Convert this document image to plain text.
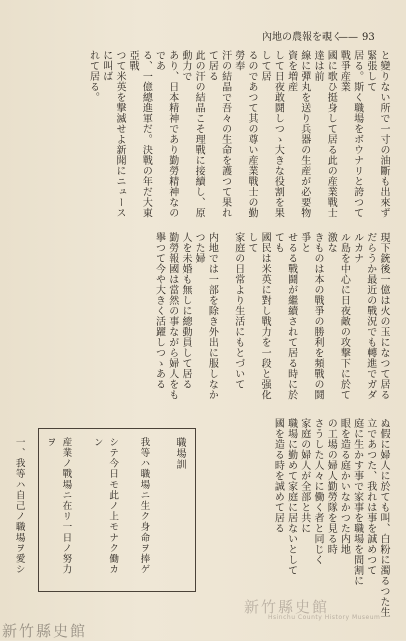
內地の農報を覗く
—— 93
と變りない所で一寸の油斷も出來ず緊張して
居る。斯く職場をボウナリと誇つて戰爭産業
國に歌ひ挺身して居る此の産業戰士達は前
線に彈丸を送り兵器の生産が必要物資を増産
して日夜敢鬪しつゝ大きな役割を果して居
るのであつて其の尊い産業戰士の勤勞奉
汗の結晶で吾々の生命を護つて果れて居る
此の汗の結晶こそ理戰に接續し、原動力で
あり、日本精神であり勤勞精神なのであ
る、一億總進軍だ。決戰の年だ大東亞戰
つて米英を撃滅せよ新聞にニュースに叫ば
れて居る。
現下銃後一億は火の玉になつて居る
だらうか最近の戰況でも轉進でガダルカナ
ル島を中心に日夜敵の攻撃下に於て激な
きものは本の戰爭の勝利を頻戰の鬪爭と
せるる戰鬪が繼續されて居る時に於ても
國民は米英に對し戰力を一段と强化して
家庭の日常より生活にもとづいて

内地では一部を除き外出に服しなかつた婦
人を未婚も無しに總動員して居る
勤勞報國は當然の事ながら婦人をも
擧つて今や大きく活躍しつゝある
ぬ假に婦人に於ても叫、白粉に濁るつた生
立であつた、我れは事を誠めつて
庭に生かす事で家事を職場を間割に
眼を造る庭かいなかつた内地
の工場の婦人勤勞隊を見る時
さうした人々に働く者と同じく
家庭の婦人が全部と共に
職場に勤めて家庭に居ないとして
國を造る時を誠めて居る
職場訓

我等ハ職場ニ生ク身命ヲ捧ゲ

シテ今日モ此ノ上モナク働カン

産業ノ戰場ニ在リ一日ノ努力ヲ

一、我等ハ自己ノ職場ヲ愛シ

新竹縣史館
Hsinchu County History Museum
新竹縣史館
